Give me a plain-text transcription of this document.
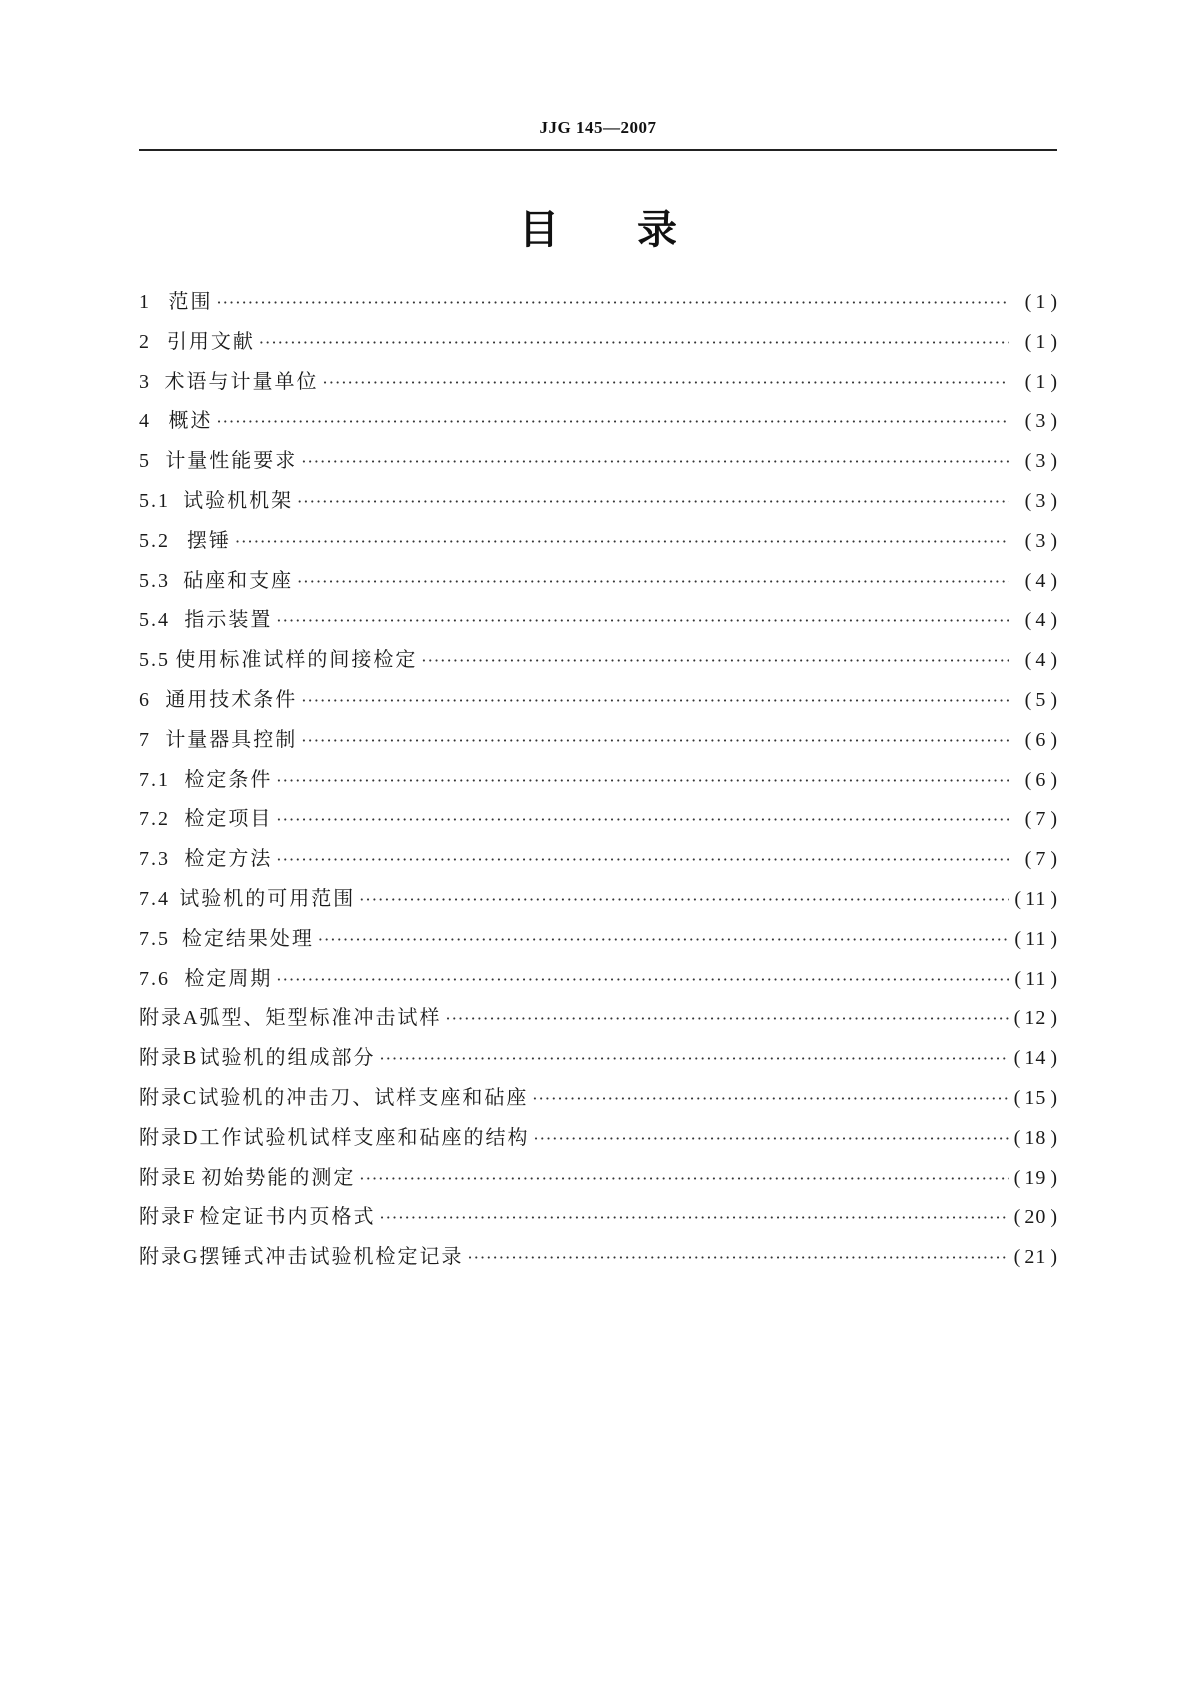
JJG 145—2007
目录
1 范围 ·····	( 1 )
2 引用文献 ·····	( 1 )
3 术语与计量单位 ·····	( 1 )
4 概述 ·····	( 3 )
5 计量性能要求 ·····	( 3 )
5.1 试验机机架 ·····	( 3 )
5.2 摆锤 ·····	( 3 )
5.3 砧座和支座 ·····	( 4 )
5.4 指示装置 ·····	( 4 )
5.5 使用标准试样的间接检定 ·····	( 4 )
6 通用技术条件 ·····	( 5 )
7 计量器具控制 ·····	( 6 )
7.1 检定条件 ·····	( 6 )
7.2 检定项目 ·····	( 7 )
7.3 检定方法 ·····	( 7 )
7.4 试验机的可用范围 ·····	( 11 )
7.5 检定结果处理 ·····	( 11 )
7.6 检定周期 ·····	( 11 )
附录A 弧型、矩型标准冲击试样 ·····	( 12 )
附录B 试验机的组成部分 ·····	( 14 )
附录C 试验机的冲击刀、试样支座和砧座 ·····	( 15 )
附录D 工作试验机试样支座和砧座的结构 ·····	( 18 )
附录E 初始势能的测定 ·····	( 19 )
附录F 检定证书内页格式 ·····	( 20 )
附录G 摆锤式冲击试验机检定记录 ·····	( 21 )
